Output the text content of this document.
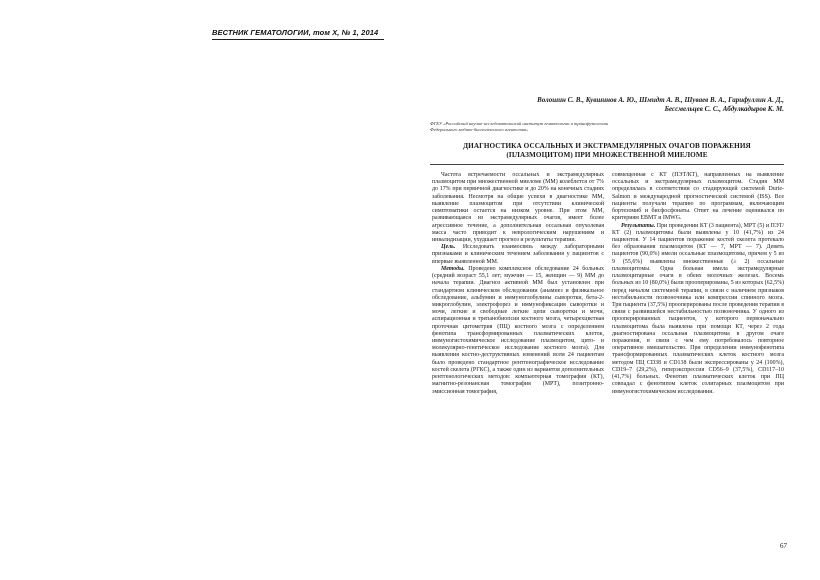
ВЕСТНИК ГЕМАТОЛОГИИ, том X, № 1, 2014
Волошин С. В., Кувшинов А. Ю., Шмидт А. В., Шуваев В. А., Гарифуллин А. Д.,
Бессмельцев С. С., Абдулкадыров К. М.
ФГБУ «Российский научно-исследовательский институт гематологии и трансфузиологии
Федерального медико-биологического агентства»
ДИАГНОСТИКА ОССАЛЬНЫХ И ЭКСТРАМЕДУЛЯРНЫХ ОЧАГОВ ПОРАЖЕНИЯ
(ПЛАЗМОЦИТОМ) ПРИ МНОЖЕСТВЕННОЙ МИЕЛОМЕ

Частота встречаемости оссальных и экстрамедулярных плазмоцитом при множественной миеломе (ММ) колеблется от 7% до 17% при первичной диагностике и до 20% на конечных стадиях заболевания. Несмотря на общие успехи в диагностике ММ, выявление плазмоцитом при отсутствии клинической симптоматики остается на низком уровне. При этом ММ, развивающаяся из экстрамедулярных очагов, имеет более агрессивное течение, а дополнительная оссальная опухолевая масса часто приводит к неврологическим нарушениям и инвалидизации, ухудшает прогноз и результаты терапии.

Цель. Исследовать взаимосвязь между лабораторными признаками и клиническим течением заболевания у пациентов с впервые выявленной ММ.

Методы. Проведено комплексное обследование 24 больных (средний возраст 55,1 лет; мужчин — 15, женщин — 9) ММ до начала терапии. Диагноз активной ММ был установлен при стандартном клиническом обследовании (анамнез и физикальное обследование, альбумин и иммуноглобулины сыворотки, бета-2-микроглобулин, электрофорез и иммунофиксация сыворотки и мочи, легкие и свободные легкие цепи сыворотки и мочи, аспирационная и трепанобиопсия костного мозга, четырехцветная проточная цитометрия (ПЦ) костного мозга с определением фенотипа трансформированных плазматических клеток, иммуногистохимическое исследование плазмоцитом, цито- и молекулярно-генетическое исследование костного мозга). Для выявления костно-деструктивных изменений всем 24 пациентам было проведено стандартное рентгенографическое исследование костей скелета (РГКС), а также один из вариантов дополнительных рентгенологических методов: компьютерная томография (КТ), магнитно-резонансная томография (МРТ), позитронно-эмиссионная томография,

совмещенная с КТ (ПЭТ/КТ), направленных на выявление оссальных и экстрамедулярных плазмоцитом. Стадия ММ определялась в соответствии со стадирующей системой Durie-Salmon и международной прогностической системой (ISS). Все пациенты получали терапию по программам, включающим бортезомиб и бисфосфонаты. Ответ на лечение оценивался по критериям EBMT и IMWG.

Результаты. При проведении КТ (3 пациента), МРТ (5) и ПЭТ/КТ (2) плазмоцитомы были выявлены у 10 (41,7%) из 24 пациентов. У 14 пациентов поражение костей скелета протекало без образования плазмоцитом (КТ — 7, МРТ — 7). Девять пациентов (90,0%) имели оссальные плазмоцитомы, причем у 5 из 9 (55,6%) выявлены множественные (≥ 2) оссальные плазмоцитомы. Одна больная имела экстрамедулярные плазмоцитарные очаги в обеих молочных железах. Восемь больных из 10 (80,0%) были прооперированы, 5 из которых (62,5%) перед началом системной терапии, в связи с наличием признаков нестабильности позвоночника или компрессии спинного мозга. Три пациента (37,5%) прооперированы после проведения терапии в связи с развившейся нестабильностью позвоночника. У одного из прооперированных пациентов, у которого первоначально плазмоцитома была выявлена при помощи КТ, через 2 года диагностирована оссальная плазмоцитома в другом очаге поражения, в связи с чем ему потребовалось повторное оперативное вмешательство. При определении иммунофенотипа трансформированных плазматических клеток костного мозга методом ПЦ CD38 и CD138 были экспрессированы у 24 (100%), CD19–7 (29,2%), гиперэкспрессия CD56–9 (37,5%), CD117–10 (41,7%) больных. Фенотип плазматических клеток при ПЦ совпадал с фенотипом клеток солитарных плазмоцитом при иммуногистохимическом исследовании.

67
